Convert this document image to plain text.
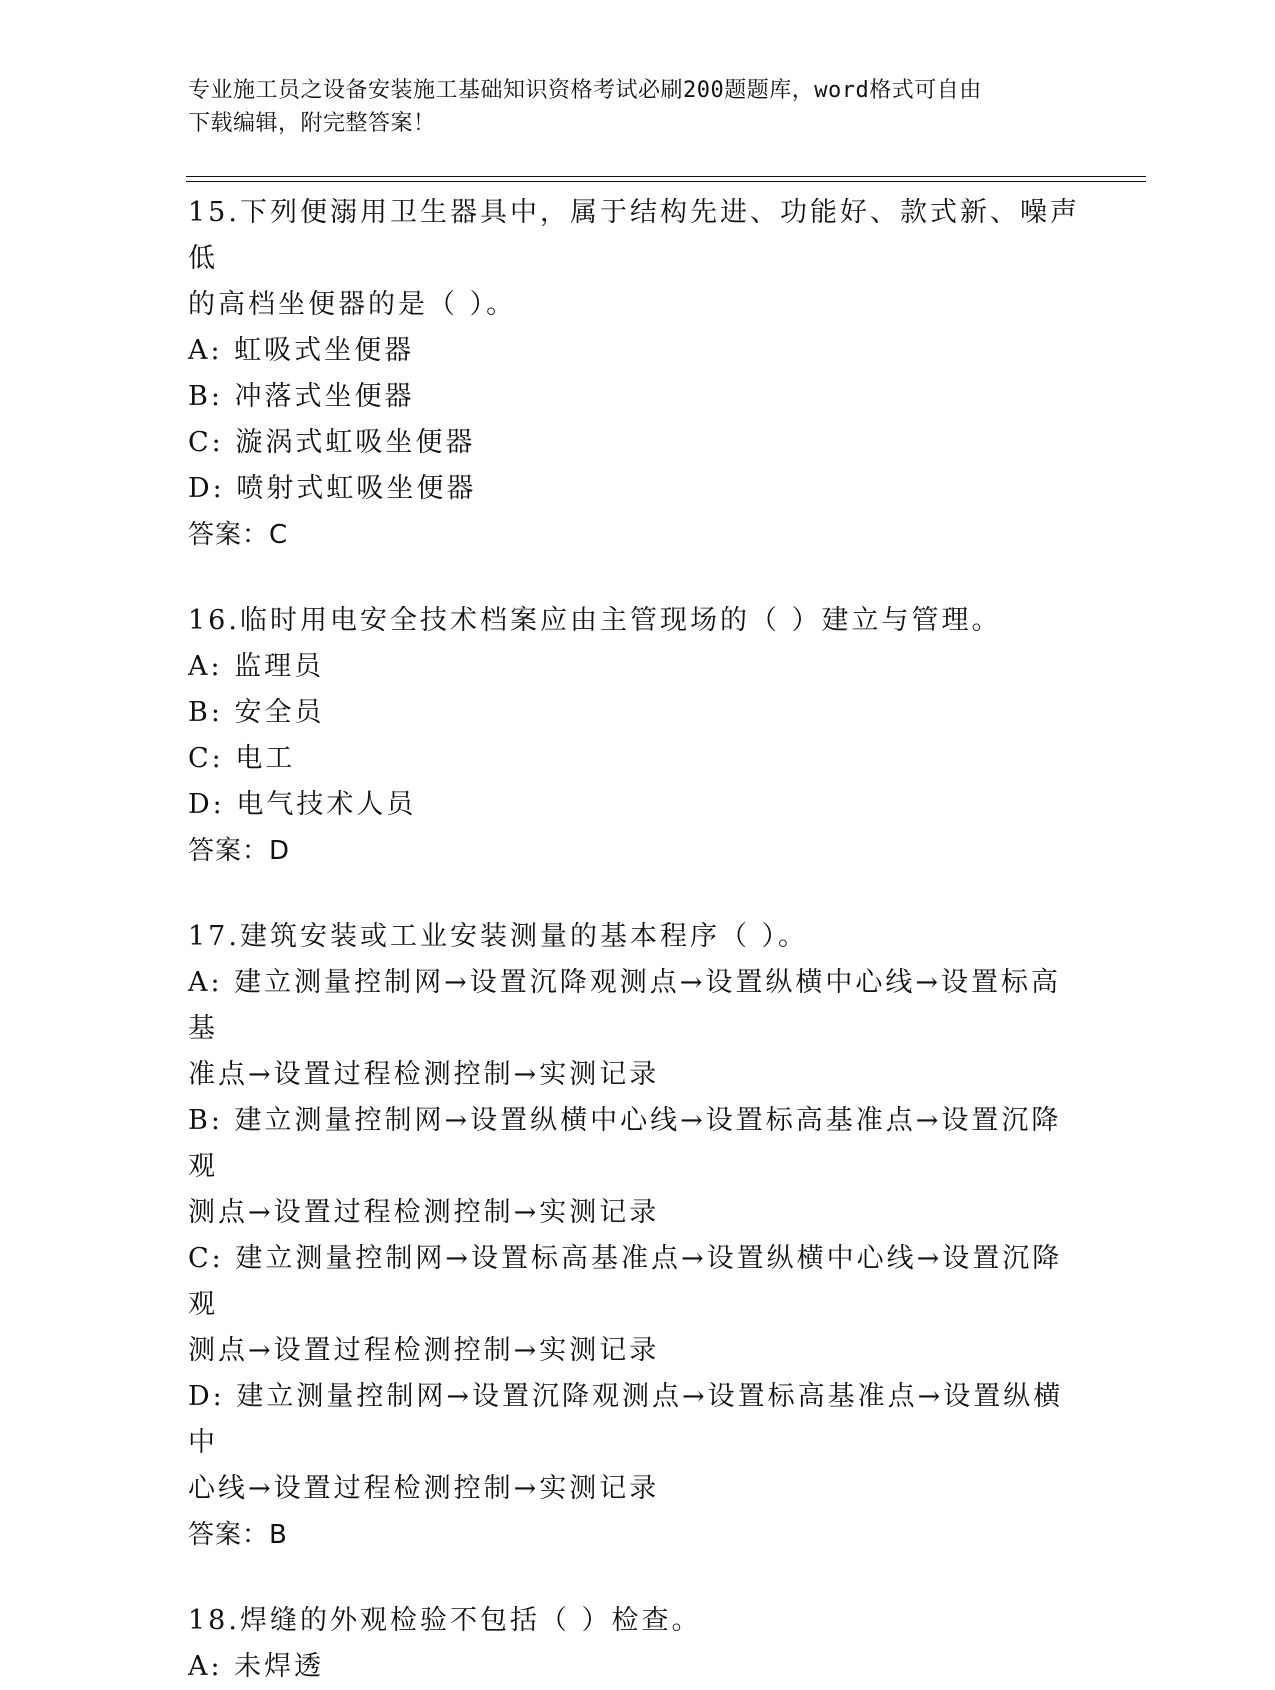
专业施工员之设备安装施工基础知识资格考试必刷200题题库，word格式可自由
下载编辑，附完整答案！
15.下列便溺用卫生器具中，属于结构先进、功能好、款式新、噪声低
的高档坐便器的是（ ）。
A: 虹吸式坐便器
B: 冲落式坐便器
C: 漩涡式虹吸坐便器
D: 喷射式虹吸坐便器
答案：C
16.临时用电安全技术档案应由主管现场的（ ）建立与管理。
A: 监理员
B: 安全员
C: 电工
D: 电气技术人员
答案：D
17.建筑安装或工业安装测量的基本程序（ ）。
A: 建立测量控制网→设置沉降观测点→设置纵横中心线→设置标高基
准点→设置过程检测控制→实测记录
B: 建立测量控制网→设置纵横中心线→设置标高基准点→设置沉降观
测点→设置过程检测控制→实测记录
C: 建立测量控制网→设置标高基准点→设置纵横中心线→设置沉降观
测点→设置过程检测控制→实测记录
D: 建立测量控制网→设置沉降观测点→设置标高基准点→设置纵横中
心线→设置过程检测控制→实测记录
答案：B
18.焊缝的外观检验不包括（ ）检查。
A: 未焊透
